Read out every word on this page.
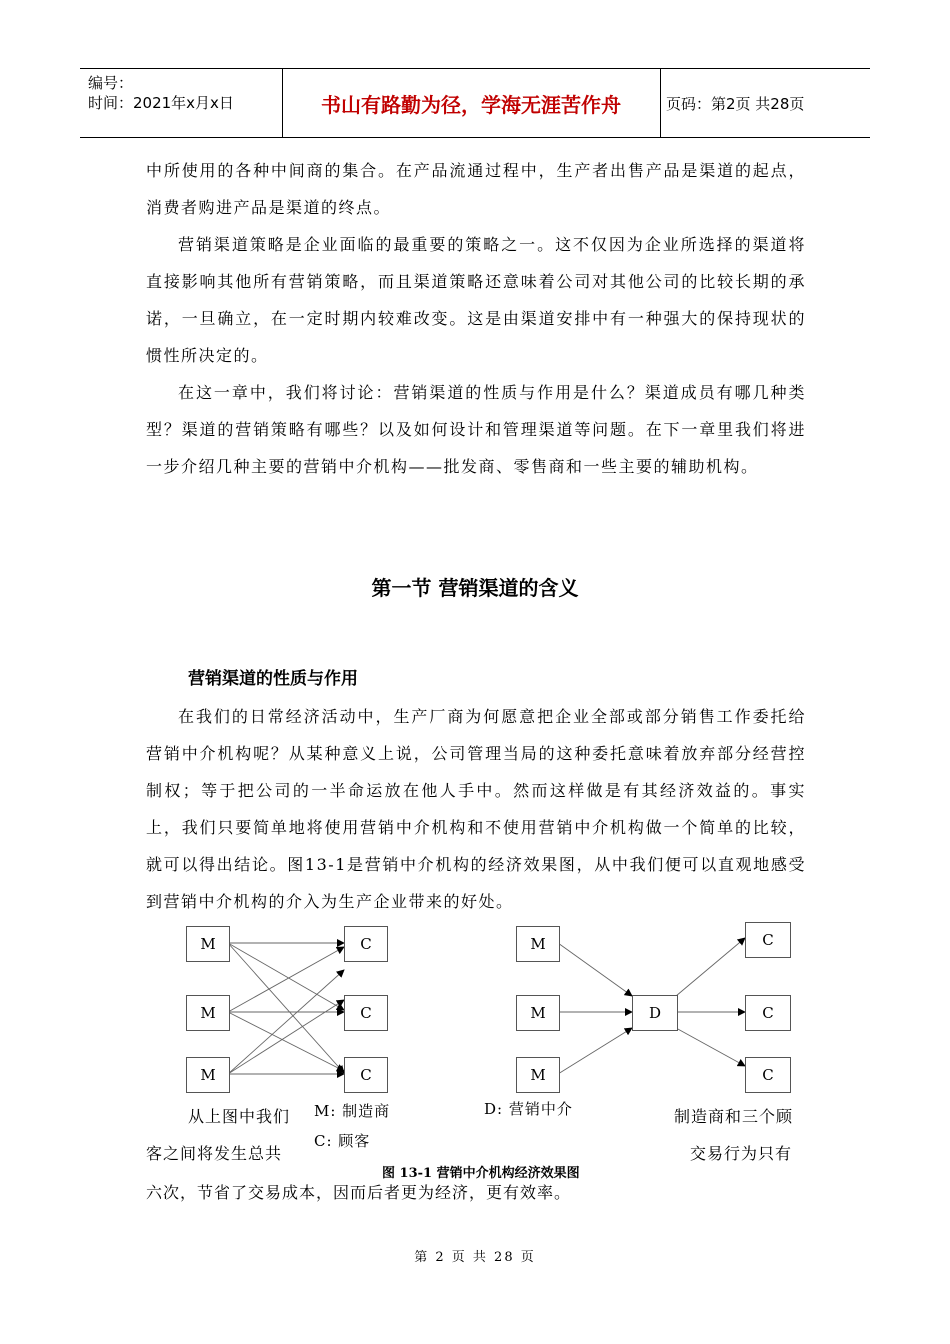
编号：
时间：2021年x月x日	书山有路勤为径，学海无涯苦作舟	页码：第2页 共28页
中所使用的各种中间商的集合。在产品流通过程中，生产者出售产品是渠道的起点，消费者购进产品是渠道的终点。
营销渠道策略是企业面临的最重要的策略之一。这不仅因为企业所选择的渠道将直接影响其他所有营销策略，而且渠道策略还意味着公司对其他公司的比较长期的承诺，一旦确立，在一定时期内较难改变。这是由渠道安排中有一种强大的保持现状的惯性所决定的。
在这一章中，我们将讨论：营销渠道的性质与作用是什么？渠道成员有哪几种类型？渠道的营销策略有哪些？以及如何设计和管理渠道等问题。在下一章里我们将进一步介绍几种主要的营销中介机构——批发商、零售商和一些主要的辅助机构。
第一节 营销渠道的含义
营销渠道的性质与作用
在我们的日常经济活动中，生产厂商为何愿意把企业全部或部分销售工作委托给营销中介机构呢？从某种意义上说，公司管理当局的这种委托意味着放弃部分经营控制权；等于把公司的一半命运放在他人手中。然而这样做是有其经济效益的。事实上，我们只要简单地将使用营销中介机构和不使用营销中介机构做一个简单的比较，就可以得出结论。图13-1是营销中介机构的经济效果图，从中我们便可以直观地感受到营销中介机构的介入为生产企业带来的好处。
M
M
M
C
C
C
M
M
M
D
C
C
C
M: 制造商
C: 顾客
D: 营销中介
从上图中我们	制造商和三个顾
客之间将发生总共	交易行为只有
图 13-1 营销中介机构经济效果图
六次，节省了交易成本，因而后者更为经济，更有效率。
第 2 页 共 28 页
